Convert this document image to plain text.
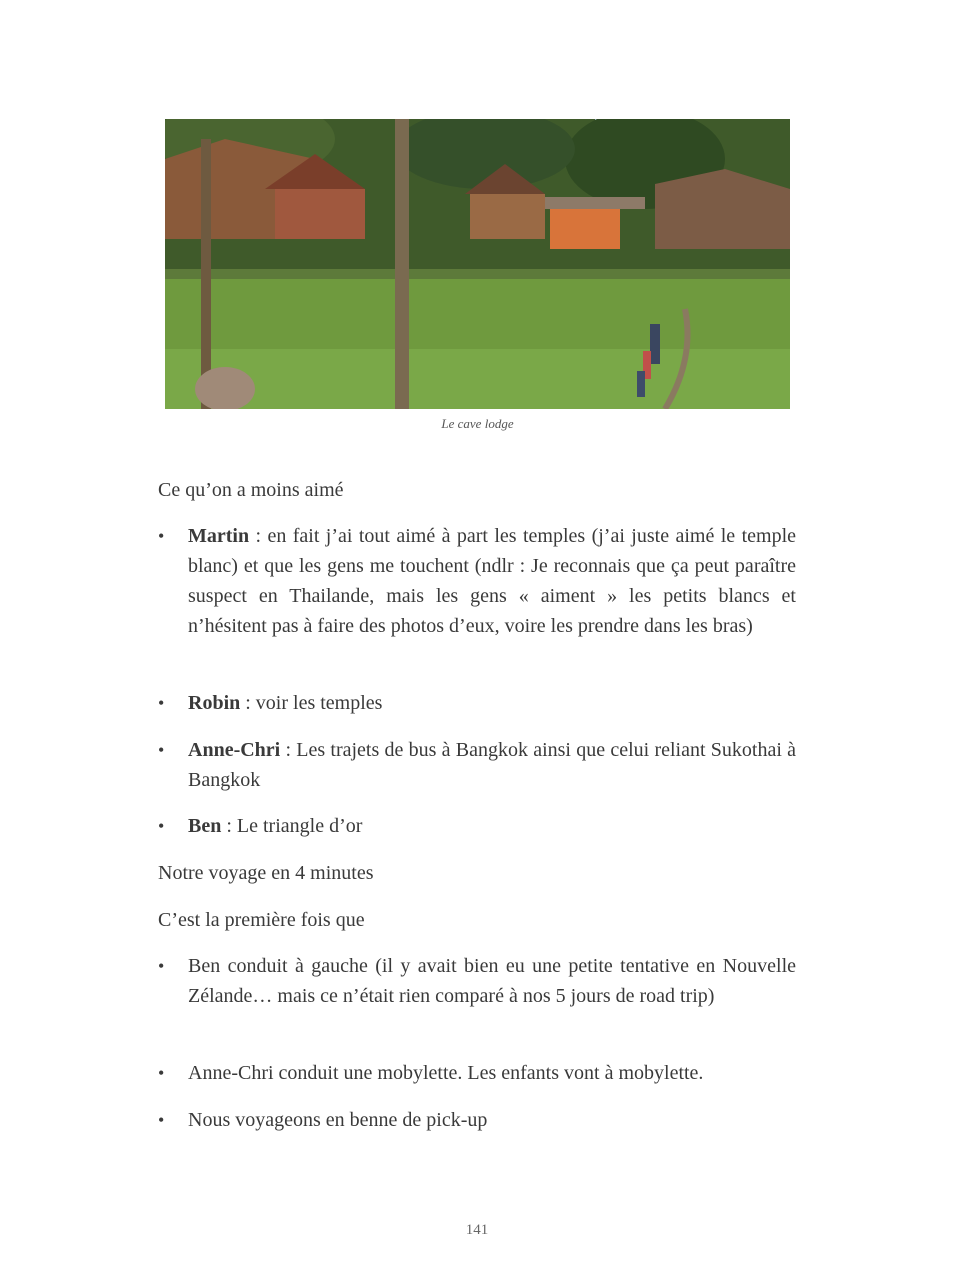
Le cave lodge
Ce qu’on a moins aimé
• Martin : en fait j’ai tout aimé à part les temples (j’ai juste aimé le temple blanc) et que les gens me touchent (ndlr : Je reconnais que ça peut paraître suspect en Thailande, mais les gens « aiment » les petits blancs et n’hésitent pas à faire des photos d’eux, voire les prendre dans les bras)
• Robin : voir les temples
• Anne-Chri : Les trajets de bus à Bangkok ainsi que celui reliant Sukothai à Bangkok
• Ben : Le triangle d’or
Notre voyage en 4 minutes
C’est la première fois que
• Ben conduit à gauche (il y avait bien eu une petite tentative en Nouvelle Zélande… mais ce n’était rien comparé à nos 5 jours de road trip)
• Anne-Chri conduit une mobylette. Les enfants vont à mobylette.
• Nous voyageons en benne de pick-up
141
